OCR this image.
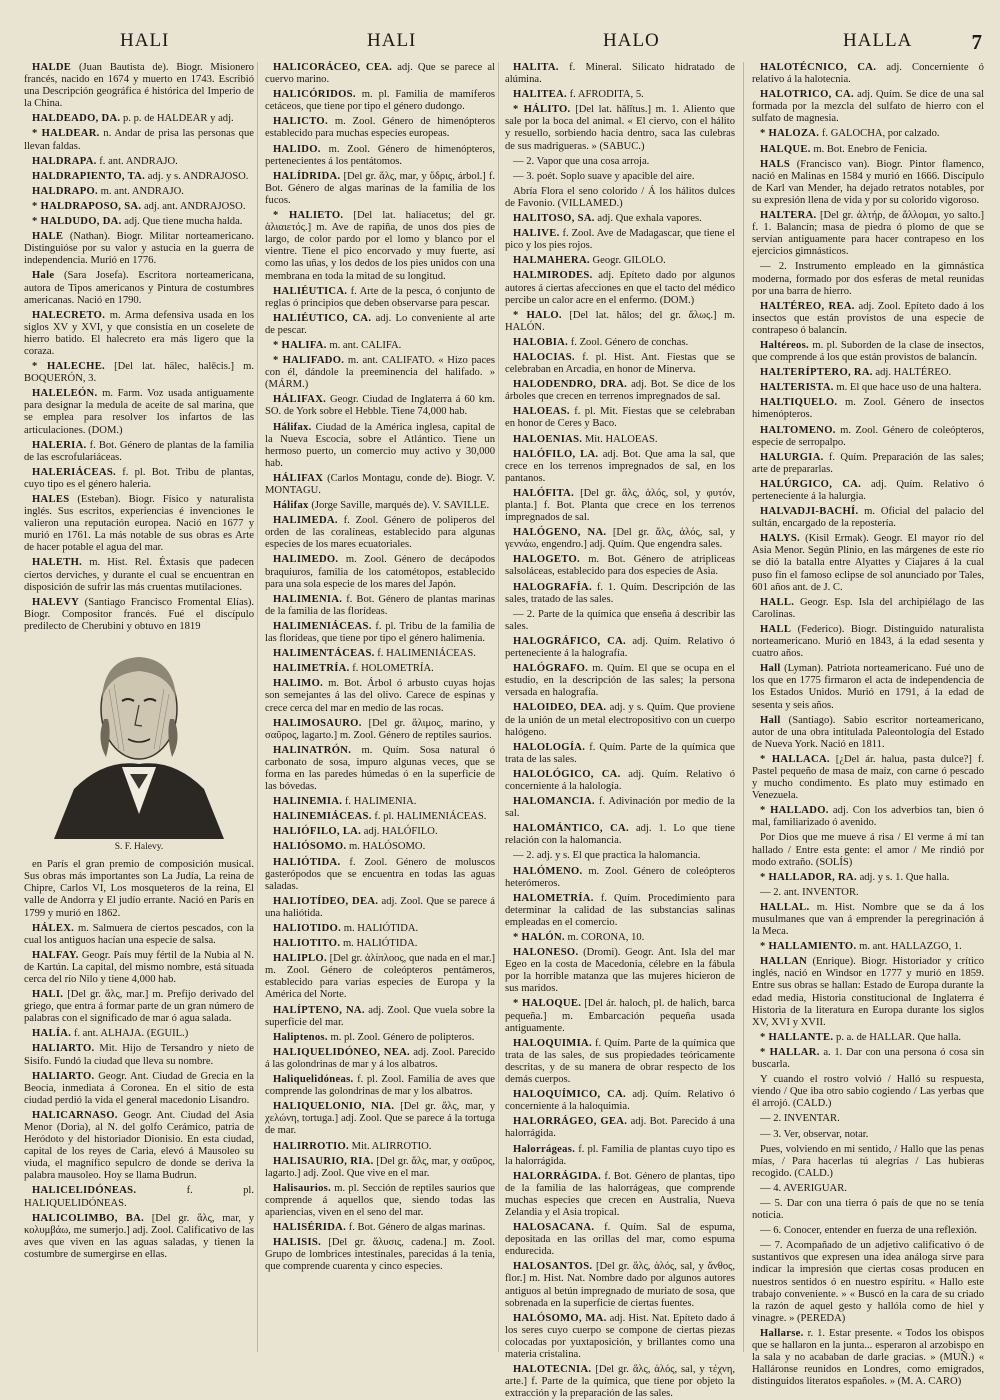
HALI	HALI	HALO	HALLA	7

HALDE (Juan Bautista de). Biogr. Misionero francés, nacido en 1674 y muerto en 1743. Escribió una Descripción geográfica é histórica del Imperio de la China.

HALDEADO, DA. p. p. de HALDEAR y adj.

* HALDEAR. n. Andar de prisa las personas que llevan faldas.

HALDRAPA. f. ant. ANDRAJO.

HALDRAPIENTO, TA. adj. y s. ANDRAJOSO.

HALDRAPO. m. ant. ANDRAJO.

* HALDRAPOSO, SA. adj. ant. ANDRAJOSO.

* HALDUDO, DA. adj. Que tiene mucha halda.

HALE (Nathan). Biogr. Militar norteamericano. Distinguióse por su valor y astucia en la guerra de independencia. Murió en 1776.

Hale (Sara Josefa). Escritora norteamericana, autora de Tipos americanos y Pintura de costumbres americanas. Nació en 1790.

HALECRETO. m. Arma defensiva usada en los siglos XV y XVI, y que consistía en un coselete de hierro batido. El halecreto era más ligero que la coraza.

* HALECHE. [Del lat. hälec, halēcis.] m. BOQUERÓN, 3.

HALELEÓN. m. Farm. Voz usada antiguamente para designar la medula de aceite de sal marina, que se emplea para resolver los infartos de las articulaciones. (DOM.)

HALERIA. f. Bot. Género de plantas de la familia de las escrofulariáceas.

HALERIÁCEAS. f. pl. Bot. Tribu de plantas, cuyo tipo es el género haleria.

HALES (Esteban). Biogr. Físico y naturalista inglés. Sus escritos, experiencias é invenciones le valieron una reputación europea. Nació en 1677 y murió en 1761. La más notable de sus obras es Arte de hacer potable el agua del mar.

HALETH. m. Hist. Rel. Éxtasis que padecen ciertos derviches, y durante el cual se encuentran en disposición de sufrir las más cruentas mutilaciones.

HALEVY (Santiago Francisco Fromental Elías). Biogr. Compositor francés. Fué el discípulo predilecto de Cherubini y obtuvo en 1819

S. F. Halevy.

en París el gran premio de composición musical. Sus obras más importantes son La Judía, La reina de Chipre, Carlos VI, Los mosqueteros de la reina, El valle de Andorra y El judío errante. Nació en París en 1799 y murió en 1862.

HÁLEX. m. Salmuera de ciertos pescados, con la cual los antiguos hacían una especie de salsa.

HALFAY. Geogr. País muy fértil de la Nubia al N. de Kartún. La capital, del mismo nombre, está situada cerca del río Nilo y tiene 4,000 hab.

HALI. [Del gr. ἅλς, mar.] m. Prefijo derivado del griego, que entra á formar parte de un gran número de palabras con el significado de mar ó agua salada.

HALÍA. f. ant. ALHAJA. (EGUIL.)

HALIARTO. Mit. Hijo de Tersandro y nieto de Sisifo. Fundó la ciudad que lleva su nombre.

HALIARTO. Geogr. Ant. Ciudad de Grecia en la Beocia, inmediata á Coronea. En el sitio de esta ciudad perdió la vida el general macedonio Lisandro.

HALICARNASO. Geogr. Ant. Ciudad del Asia Menor (Doria), al N. del golfo Cerámico, patria de Heródoto y del historiador Dionisio. En esta ciudad, capital de los reyes de Caria, elevó á Mausoleo su viuda, el magnífico sepulcro de donde se deriva la palabra mausoleo. Hoy se llama Budrun.

HALICELIDÓNEAS.	f. pl. HALIQUELIDÓNEAS.

HALICOLIMBO, BA. [Del gr. ἅλς, mar, y κολυμβάω, me sumerjo.] adj. Zool. Calificativo de las aves que viven en las aguas saladas, y tienen la costumbre de sumergirse en ellas.

HALICORÁCEO, CEA. adj. Que se parece al cuervo marino.

HALICÓRIDOS. m. pl. Familia de mamíferos cetáceos, que tiene por tipo el género dudongo.

HALICTO. m. Zool. Género de himenópteros establecido para muchas especies europeas.

HALIDO. m. Zool. Género de himenópteros, pertenecientes á los pentátomos.

HALÍDRIDA. [Del gr. ἅλς, mar, y ὕδρις, árbol.] f. Bot. Género de algas marinas de la familia de los fucos.

* HALIETO. [Del lat. haliacetus; del gr. ἁλιαιετός.] m. Ave de rapiña, de unos dos pies de largo, de color pardo por el lomo y blanco por el vientre. Tiene el pico encorvado y muy fuerte, así como las uñas, y los dedos de los pies unidos con una membrana en toda la mitad de su longitud.

HALIÉUTICA. f. Arte de la pesca, ó conjunto de reglas ó principios que deben observarse para pescar.

HALIÉUTICO, CA. adj. Lo conveniente al arte de pescar.

* HALIFA. m. ant. CALIFA.

* HALIFADO. m. ant. CALIFATO. « Hizo paces con él, dándole la preeminencia del halifado. » (MÁRM.)

HÁLIFAX. Geogr. Ciudad de Inglaterra á 60 km. SO. de York sobre el Hebble. Tiene 74,000 hab.

Hálifax. Ciudad de la América inglesa, capital de la Nueva Escocia, sobre el Atlántico. Tiene un hermoso puerto, un comercio muy activo y 30,000 hab.

HÁLIFAX (Carlos Montagu, conde de). Biogr. V. MONTAGU.

Hálifax (Jorge Saville, marqués de). V. SAVILLE.

HALIMEDA. f. Zool. Género de poliperos del orden de las coralíneas, establecido para algunas especies de los mares ecuatoriales.

HALIMEDO. m. Zool. Género de decápodos braquiuros, familia de los catométopos, establecido para una sola especie de los mares del Japón.

HALIMENIA. f. Bot. Género de plantas marinas de la familia de las florídeas.

HALIMENIÁCEAS. f. pl. Tribu de la familia de las florídeas, que tiene por tipo el género halimenia.

HALIMENTÁCEAS. f. HALIMENIÁCEAS.

HALIMETRÍA. f. HOLOMETRÍA.

HALIMO. m. Bot. Árbol ó arbusto cuyas hojas son semejantes á las del olivo. Carece de espinas y crece cerca del mar en medio de las rocas.

HALIMOSAURO. [Del gr. ἅλιμος, marino, y σαῦρος, lagarto.] m. Zool. Género de reptiles saurios.

HALINATRÓN. m. Quím. Sosa natural ó carbonato de sosa, impuro algunas veces, que se forma en las paredes húmedas ó en la superficie de las bóvedas.

HALINEMIA. f. HALIMENIA.

HALINEMIÁCEAS. f. pl. HALIMENIÁCEAS.

HALIÓFILO, LA. adj. HALÓFILO.

HALIÓSOMO. m. HALÓSOMO.

HALIÓTIDA. f. Zool. Género de moluscos gasterópodos que se encuentra en todas las aguas saladas.

HALIOTÍDEO, DEA. adj. Zool. Que se parece á una haliótida.

HALIOTIDO. m. HALIÓTIDA.

HALIOTITO. m. HALIÓTIDA.

HALIPLO. [Del gr. ἁλίπλοος, que nada en el mar.] m. Zool. Género de coleópteros pentámeros, establecido para varias especies de Europa y la América del Norte.

HALÍPTENO, NA. adj. Zool. Que vuela sobre la superficie del mar.

Haliptenos. m. pl. Zool. Género de polipteros.

HALIQUELIDÓNEO, NEA. adj. Zool. Parecido á las golondrinas de mar y á los albatros.

Haliquelidóneas. f. pl. Zool. Familia de aves que comprende las golondrinas de mar y los albatros.

HALIQUELONIO, NIA. [Del gr. ἅλς, mar, y χελώνη, tortuga.] adj. Zool. Que se parece á la tortuga de mar.

HALIRROTIO. Mit. ALIRROTIO.

HALISAURIO, RIA. [Del gr. ἅλς, mar, y σαῦρος, lagarto.] adj. Zool. Que vive en el mar.

Halisaurios. m. pl. Sección de reptiles saurios que comprende á aquellos que, siendo todas las apariencias, viven en el seno del mar.

HALISÉRIDA. f. Bot. Género de algas marinas.

HALISIS. [Del gr. ἅλυσις, cadena.] m. Zool. Grupo de lombrices intestinales, parecidas á la tenia, que comprende cuarenta y cinco especies.

HALITA. f. Mineral. Silicato hidratado de alúmina.

HALITEA. f. AFRODITA, 5.

* HÁLITO. [Del lat. hālĭtus.] m. 1. Aliento que sale por la boca del animal. « El ciervo, con el hálito y resuello, sorbiendo hacia dentro, saca las culebras de sus madrigueras. » (SABUC.)

— 2. Vapor que una cosa arroja.

— 3. poét. Soplo suave y apacible del aire.

Abría Flora el seno colorido / Á los hálitos dulces de Favonio. (VILLAMED.)

HALITOSO, SA. adj. Que exhala vapores.

HALIVE. f. Zool. Ave de Madagascar, que tiene el pico y los pies rojos.

HALMAHERA. Geogr. GILOLO.

HALMIRODES. adj. Epíteto dado por algunos autores á ciertas afecciones en que el tacto del médico percibe un calor acre en el enfermo. (DOM.)

* HALO. [Del lat. hălos; del gr. ἅλως.] m. HALÓN.

HALOBIA. f. Zool. Género de conchas.

HALOCIAS. f. pl. Hist. Ant. Fiestas que se celebraban en Arcadia, en honor de Minerva.

HALODENDRO, DRA. adj. Bot. Se dice de los árboles que crecen en terrenos impregnados de sal.

HALOEAS. f. pl. Mit. Fiestas que se celebraban en honor de Ceres y Baco.

HALOENIAS. Mit. HALOEAS.

HALÓFILO, LA. adj. Bot. Que ama la sal, que crece en los terrenos impregnados de sal, en los pantanos.

HALÓFITA. [Del gr. ἅλς, ἁλός, sol, y φυτόν, planta.] f. Bot. Planta que crece en los terrenos impregnados de sal.

HALÓGENO, NA. [Del gr. ἅλς, ἁλός, sal, y γεννάω, engendro.] adj. Quím. Que engendra sales.

HALOGETO. m. Bot. Género de atripliceas salsoláceas, establecido para dos especies de Asia.

HALOGRAFÍA. f. 1. Quím. Descripción de las sales, tratado de las sales.

— 2. Parte de la química que enseña á describir las sales.

HALOGRÁFICO, CA. adj. Quím. Relativo ó perteneciente á la halografía.

HALÓGRAFO. m. Quím. El que se ocupa en el estudio, en la descripción de las sales; la persona versada en halografía.

HALOIDEO, DEA. adj. y s. Quím. Que proviene de la unión de un metal electropositivo con un cuerpo halógeno.

HALOLOGÍA. f. Quím. Parte de la química que trata de las sales.

HALOLÓGICO, CA. adj. Quím. Relativo ó concerniente á la halología.

HALOMANCIA. f. Adivinación por medio de la sal.

HALOMÁNTICO, CA. adj. 1. Lo que tiene relación con la halomancia.

— 2. adj. y s. El que practica la halomancia.

HALÓMENO. m. Zool. Género de coleópteros heterómeros.

HALOMETRÍA. f. Quím. Procedimiento para determinar la calidad de las substancias salinas empleadas en el comercio.

* HALÓN. m. CORONA, 10.

HALONESO. (Dromi). Geogr. Ant. Isla del mar Egeo en la costa de Macedonia, célebre en la fábula por la horrible matanza que las mujeres hicieron de sus maridos.

* HALOQUE. [Del ár. haloch, pl. de halich, barca pequeña.] m. Embarcación pequeña usada antiguamente.

HALOQUIMIA. f. Quím. Parte de la química que trata de las sales, de sus propiedades teóricamente descritas, y de su manera de obrar respecto de los demás cuerpos.

HALOQUÍMICO, CA. adj. Quím. Relativo ó concerniente á la haloquimia.

HALORRÁGEO, GEA. adj. Bot. Parecido á una halorrágida.

Halorrágeas. f. pl. Familia de plantas cuyo tipo es la halorrágida.

HALORRÁGIDA. f. Bot. Género de plantas, tipo de la familia de las halorrágeas, que comprende muchas especies que crecen en Australia, Nueva Zelandia y el Asia tropical.

HALOSACANA. f. Quím. Sal de espuma, depositada en las orillas del mar, como espuma endurecida.

HALOSANTOS. [Del gr. ἅλς, ἁλός, sal, y ἄνθος, flor.] m. Hist. Nat. Nombre dado por algunos autores antiguos al betún impregnado de muriato de sosa, que sobrenada en la superficie de ciertas fuentes.

HALÓSOMO, MA. adj. Hist. Nat. Epíteto dado á los seres cuyo cuerpo se compone de ciertas piezas colocadas por yuxtaposición, y brillantes como una materia cristalina.

HALOTECNIA. [Del gr. ἅλς, ἁλός, sal, y τέχνη, arte.] f. Parte de la química, que tiene por objeto la extracción y la preparación de las sales.

HALOTÉCNICO, CA. adj. Concerniente ó relativo á la halotecnia.

HALOTRICO, CA. adj. Quím. Se dice de una sal formada por la mezcla del sulfato de hierro con el sulfato de magnesia.

* HALOZA. f. GALOCHA, por calzado.

HALQUE. m. Bot. Enebro de Fenicia.

HALS (Francisco van). Biogr. Pintor flamenco, nació en Malinas en 1584 y murió en 1666. Discípulo de Karl van Mender, ha dejado retratos notables, por su expresión llena de vida y por su colorido vigoroso.

HALTERA. [Del gr. ἁλτήρ, de ἅλλομαι, yo salto.] f. 1. Balancín; masa de piedra ó plomo de que se servían antiguamente para hacer contrapeso en los ejercicios gimnásticos.

— 2. Instrumento empleado en la gimnástica moderna, formado por dos esferas de metal reunidas por una barra de hierro.

HALTÉREO, REA. adj. Zool. Epíteto dado á los insectos que están provistos de una especie de contrapeso ó balancín.

Haltéreos. m. pl. Suborden de la clase de insectos, que comprende á los que están provistos de balancín.

HALTERÍPTERO, RA. adj. HALTÉREO.

HALTERISTA. m. El que hace uso de una haltera.

HALTIQUELO. m. Zool. Género de insectos himenópteros.

HALTOMENO. m. Zool. Género de coleópteros, especie de serropalpo.

HALURGIA. f. Quím. Preparación de las sales; arte de prepararlas.

HALÚRGICO, CA. adj. Quím. Relativo ó perteneciente á la halurgia.

HALVADJI-BACHÍ. m. Oficial del palacio del sultán, encargado de la repostería.

HALYS. (Kisil Ermak). Geogr. El mayor río del Asia Menor. Según Plinio, en las márgenes de este río se dió la batalla entre Alyattes y Ciajares á la cual puso fin el famoso eclipse de sol anunciado por Tales, 601 años ant. de J. C.

HALL. Geogr. Esp. Isla del archipiélago de las Carolinas.

HALL (Federico). Biogr. Distinguido naturalista norteamericano. Murió en 1843, á la edad sesenta y cuatro años.

Hall (Lyman). Patriota norteamericano. Fué uno de los que en 1775 firmaron el acta de independencia de los Estados Unidos. Murió en 1791, á la edad de sesenta y seis años.

Hall (Santiago). Sabio escritor norteamericano, autor de una obra intitulada Paleontología del Estado de Nueva York. Nació en 1811.

* HALLACA. [¿Del ár. halua, pasta dulce?] f. Pastel pequeño de masa de maíz, con carne ó pescado y mucho condimento. Es plato muy estimado en Venezuela.

* HALLADO. adj. Con los adverbios tan, bien ó mal, familiarizado ó avenido.

Por Dios que me mueve á risa / El verme á mí tan hallado / Entre esta gente: el amor / Me rindió por modo extraño. (SOLÍS)

* HALLADOR, RA. adj. y s. 1. Que halla.

— 2. ant. INVENTOR.

HALLAL. m. Hist. Nombre que se da á los musulmanes que van á emprender la peregrinación á la Meca.

* HALLAMIENTO. m. ant. HALLAZGO, 1.

HALLAN (Enrique). Biogr. Historiador y crítico inglés, nació en Windsor en 1777 y murió en 1859. Entre sus obras se hallan: Estado de Europa durante la edad media, Historia constitucional de Inglaterra é Historia de la literatura en Europa durante los siglos XV, XVI y XVII.

* HALLANTE. p. a. de HALLAR. Que halla.

* HALLAR. a. 1. Dar con una persona ó cosa sin buscarla.

Y cuando el rostro volvió / Halló su respuesta, viendo / Que iba otro sabio cogiendo / Las yerbas que él arrojó. (CALD.)

— 2. INVENTAR.

— 3. Ver, observar, notar.

Pues, volviendo en mi sentido, / Hallo que las penas mías, / Para hacerlas tú alegrías / Las hubieras recogido. (CALD.)

— 4. AVERIGUAR.

— 5. Dar con una tierra ó país de que no se tenía noticia.

— 6. Conocer, entender en fuerza de una reflexión.

— 7. Acompañado de un adjetivo calificativo ó de sustantivos que expresen una idea análoga sirve para indicar la impresión que ciertas cosas producen en nuestros sentidos ó en nuestro espíritu. « Hallo este trabajo conveniente. » « Buscó en la cara de su criado la razón de aquel gesto y hallóla como de hiel y vinagre. » (PEREDA)

Hallarse. r. 1. Estar presente. « Todos los obispos que se hallaron en la junta... esperaron al arzobispo en la sala y no acababan de darle gracias. » (MUÑ.) « Halláronse reunidos en Londres, como emigrados, distinguidos literatos españoles. » (M. A. CARO)
